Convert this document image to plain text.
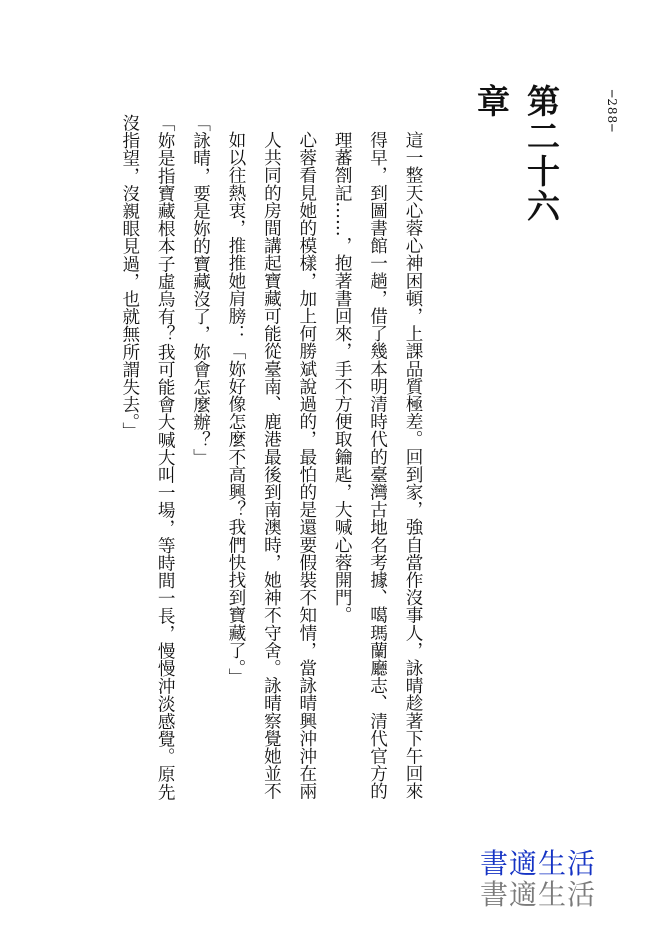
─288─
第二十六章

這一整天心蓉心神困頓，上課品質極差。回到家，強自當作沒事人，詠晴趁著下午回來得早，到圖書館一趟，借了幾本明清時代的臺灣古地名考據、噶瑪蘭廳志、清代官方的理蕃劄記……，抱著書回來，手不方便取鑰匙，大喊心蓉開門。

心蓉看見她的模樣，加上何勝斌說過的，最怕的是還要假裝不知情，當詠晴興沖沖在兩人共同的房間講起寶藏可能從臺南、鹿港最後到南澳時，她神不守舍。詠晴察覺她並不如以往熱衷，推推她肩膀：「妳好像怎麼不高興？我們快找到寶藏了。」

「詠晴，要是妳的寶藏沒了，妳會怎麼辦？」

「妳是指寶藏根本子虛烏有？我可能會大喊大叫一場，等時間一長，慢慢沖淡感覺。原先沒指望，沒親眼見過，也就無所謂失去。」

書適生活
書適生活
